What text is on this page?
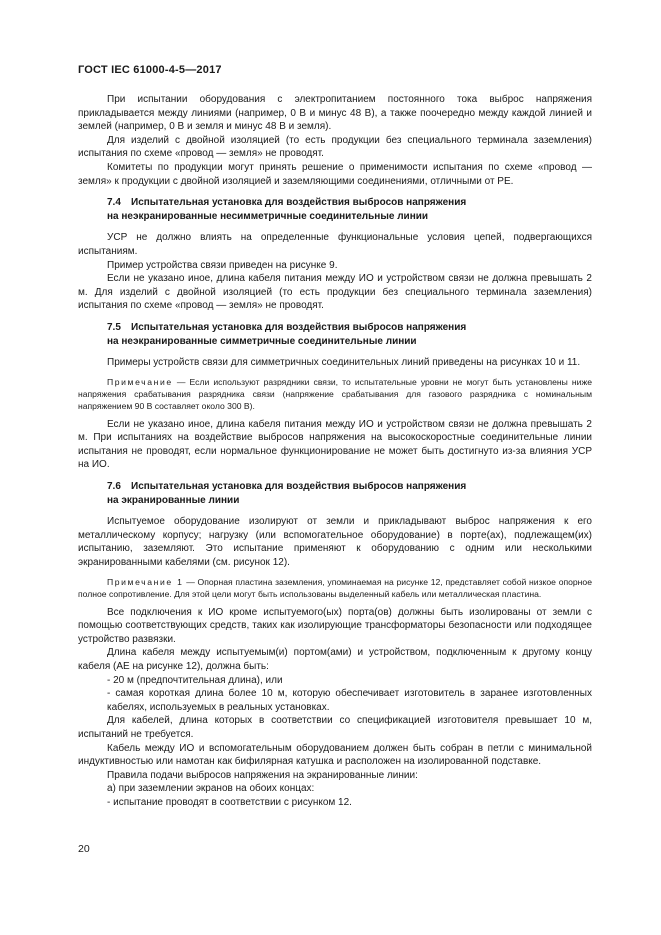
ГОСТ IEC 61000-4-5—2017

При испытании оборудования с электропитанием постоянного тока выброс напряжения прикладывается между линиями (например, 0 В и минус 48 В), а также поочередно между каждой линией и землей (например, 0 В и земля и минус 48 В и земля).

Для изделий с двойной изоляцией (то есть продукции без специального терминала заземления) испытания по схеме «провод — земля» не проводят.

Комитеты по продукции могут принять решение о применимости испытания по схеме «провод — земля» к продукции с двойной изоляцией и заземляющими соединениями, отличными от PE.

7.4 Испытательная установка для воздействия выбросов напряжения
на неэкранированные несимметричные соединительные линии

УСР не должно влиять на определенные функциональные условия цепей, подвергающихся испытаниям.

Пример устройства связи приведен на рисунке 9.

Если не указано иное, длина кабеля питания между ИО и устройством связи не должна превышать 2 м. Для изделий с двойной изоляцией (то есть продукции без специального терминала заземления) испытания по схеме «провод — земля» не проводят.

7.5 Испытательная установка для воздействия выбросов напряжения
на неэкранированные симметричные соединительные линии

Примеры устройств связи для симметричных соединительных линий приведены на рисунках 10 и 11.

Примечание — Если используют разрядники связи, то испытательные уровни не могут быть установлены ниже напряжения срабатывания разрядника связи (напряжение срабатывания для газового разрядника с номинальным напряжением 90 В составляет около 300 В).

Если не указано иное, длина кабеля питания между ИО и устройством связи не должна превышать 2 м. При испытаниях на воздействие выбросов напряжения на высокоскоростные соединительные линии испытания не проводят, если нормальное функционирование не может быть достигнуто из-за влияния УСР на ИО.

7.6 Испытательная установка для воздействия выбросов напряжения
на экранированные линии

Испытуемое оборудование изолируют от земли и прикладывают выброс напряжения к его металлическому корпусу; нагрузку (или вспомогательное оборудование) в порте(ах), подлежащем(их) испытанию, заземляют. Это испытание применяют к оборудованию с одним или несколькими экранированными кабелями (см. рисунок 12).

Примечание 1 — Опорная пластина заземления, упоминаемая на рисунке 12, представляет собой низкое опорное полное сопротивление. Для этой цели могут быть использованы выделенный кабель или металлическая пластина.

Все подключения к ИО кроме испытуемого(ых) порта(ов) должны быть изолированы от земли с помощью соответствующих средств, таких как изолирующие трансформаторы безопасности или подходящее устройство развязки.

Длина кабеля между испытуемым(и) портом(ами) и устройством, подключенным к другому концу кабеля (АЕ на рисунке 12), должна быть:

- 20 м (предпочтительная длина), или
- самая короткая длина более 10 м, которую обеспечивает изготовитель в заранее изготовленных кабелях, используемых в реальных установках.

Для кабелей, длина которых в соответствии со спецификацией изготовителя превышает 10 м, испытаний не требуется.

Кабель между ИО и вспомогательным оборудованием должен быть собран в петли с минимальной индуктивностью или намотан как бифилярная катушка и расположен на изолированной подставке.

Правила подачи выбросов напряжения на экранированные линии:

а) при заземлении экранов на обоих концах:
- испытание проводят в соответствии с рисунком 12.
20
